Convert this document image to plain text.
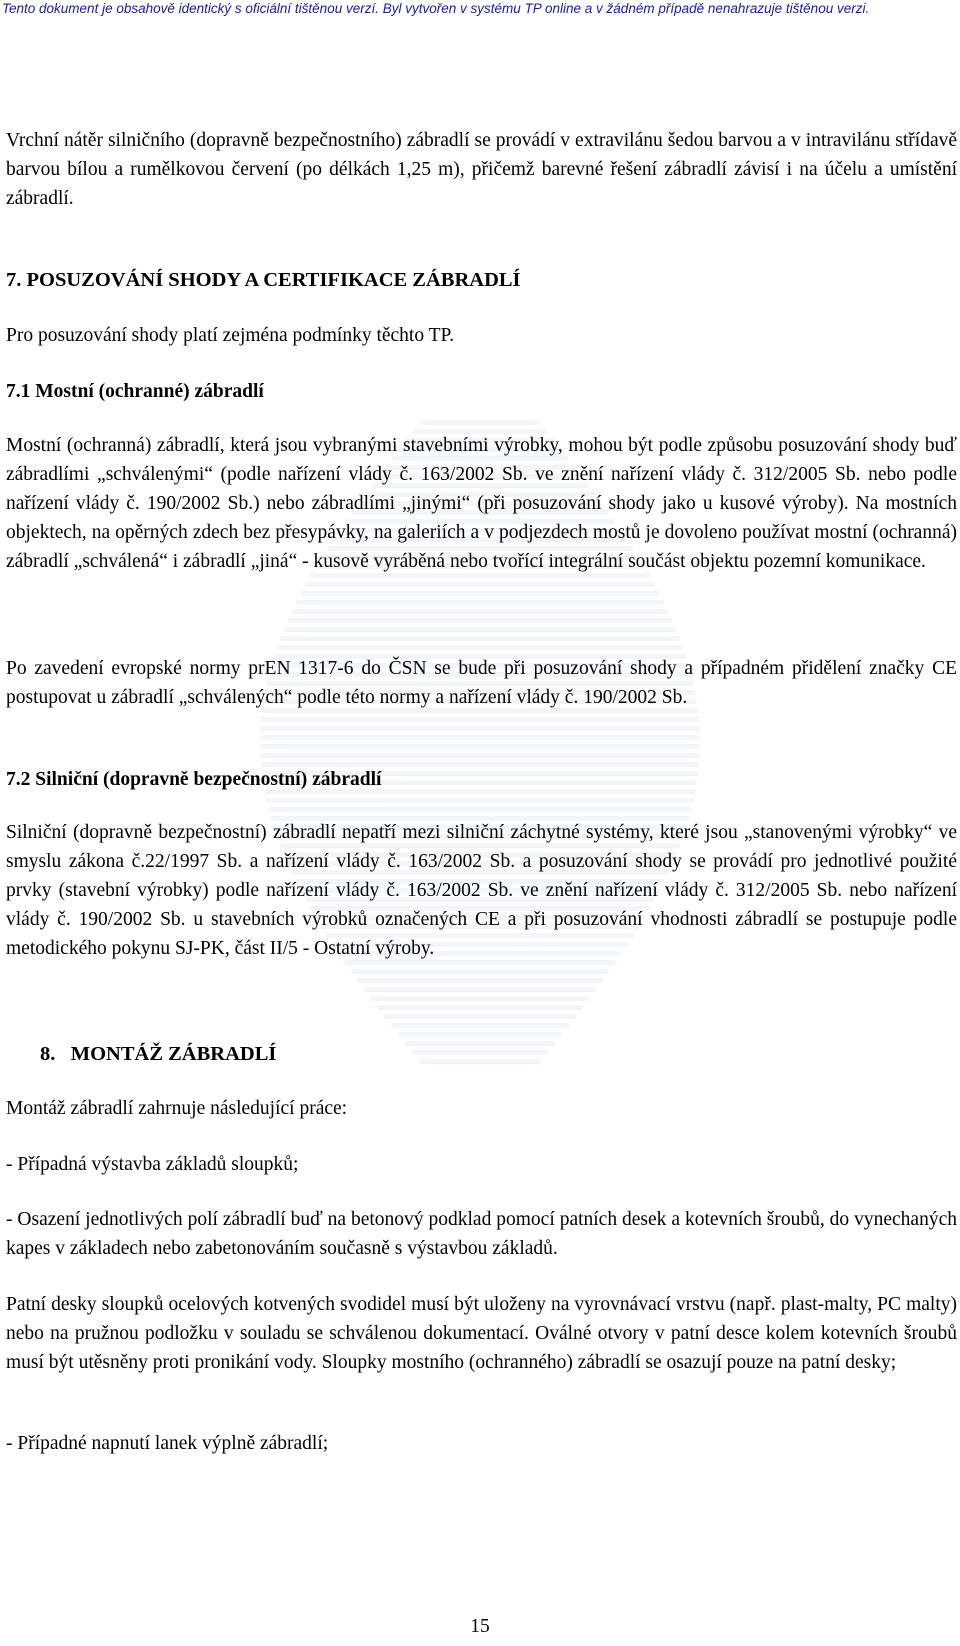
Tento dokument je obsahově identický s oficiální tištěnou verzí. Byl vytvořen v systému TP online a v žádném případě nenahrazuje tištěnou verzi.

Vrchní nátěr silničního (dopravně bezpečnostního) zábradlí se provádí v extravilánu šedou barvou a v intravilánu střídavě barvou bílou a rumělkovou červení (po délkách 1,25 m), přičemž barevné řešení zábradlí závisí i na účelu a umístění zábradlí.

7. POSUZOVÁNÍ SHODY A CERTIFIKACE ZÁBRADLÍ

Pro posuzování shody platí zejména podmínky těchto TP.

7.1 Mostní (ochranné) zábradlí

Mostní (ochranná) zábradlí, která jsou vybranými stavebními výrobky, mohou být podle způsobu posuzování shody buď zábradlími „schválenými“ (podle nařízení vlády č. 163/2002 Sb. ve znění nařízení vlády č. 312/2005 Sb. nebo podle nařízení vlády č. 190/2002 Sb.) nebo zábradlími „jinými“ (při posuzování shody jako u kusové výroby). Na mostních objektech, na opěrných zdech bez přesypávky, na galeriích a v podjezdech mostů je dovoleno používat mostní (ochranná) zábradlí „schválená“ i zábradlí „jiná“ - kusově vyráběná nebo tvořící integrální součást objektu pozemní komunikace.

Po zavedení evropské normy prEN 1317-6 do ČSN se bude při posuzování shody a případném přidělení značky CE postupovat u zábradlí „schválených“ podle této normy a nařízení vlády č. 190/2002 Sb.

7.2 Silniční (dopravně bezpečnostní) zábradlí

Silniční (dopravně bezpečnostní) zábradlí nepatří mezi silniční záchytné systémy, které jsou „stanovenými výrobky“ ve smyslu zákona č.22/1997 Sb. a nařízení vlády č. 163/2002 Sb. a posuzování shody se provádí pro jednotlivé použité prvky (stavební výrobky) podle nařízení vlády č. 163/2002 Sb. ve znění nařízení vlády č. 312/2005 Sb. nebo nařízení vlády č. 190/2002 Sb. u stavebních výrobků označených CE a při posuzování vhodnosti zábradlí se postupuje podle metodického pokynu SJ-PK, část II/5 - Ostatní výroby.

8.   MONTÁŽ ZÁBRADLÍ

Montáž zábradlí zahrnuje následující práce:

- Případná výstavba základů sloupků;

- Osazení jednotlivých polí zábradlí buď na betonový podklad pomocí patních desek a kotevních šroubů, do vynechaných kapes v základech nebo zabetonováním současně s výstavbou základů.

Patní desky sloupků ocelových kotvených svodidel musí být uloženy na vyrovnávací vrstvu (např. plast-malty, PC malty) nebo na pružnou podložku v souladu se schválenou dokumentací. Oválné otvory v patní desce kolem kotevních šroubů musí být utěsněny proti pronikání vody. Sloupky mostního (ochranného) zábradlí se osazují pouze na patní desky;

- Případné napnutí lanek výplně zábradlí;

15
